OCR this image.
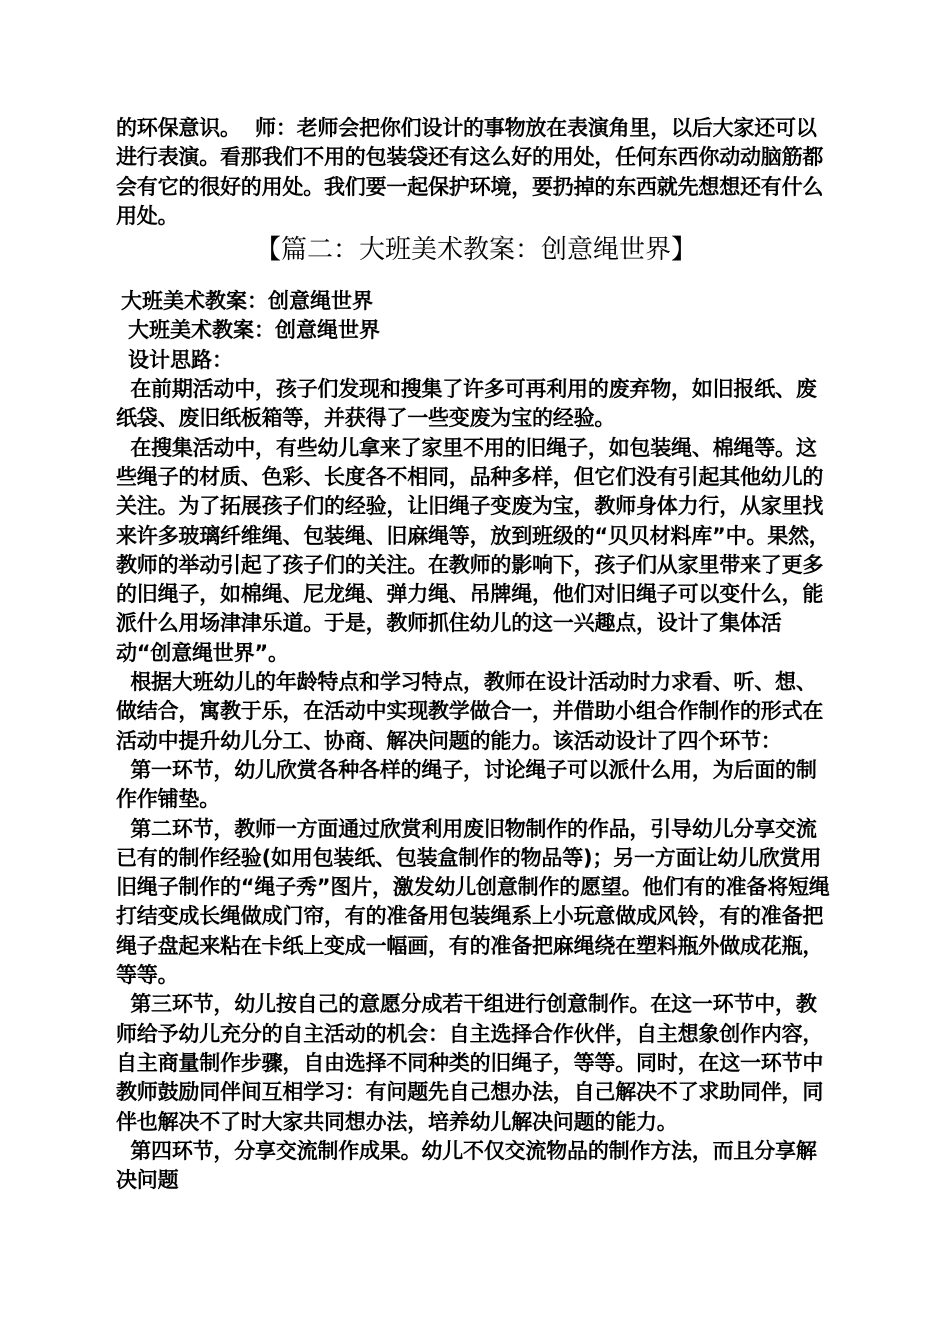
的环保意识。  师：老师会把你们设计的事物放在表演角里，以后大家还可以进行表演。看那我们不用的包装袋还有这么好的用处，任何东西你动动脑筋都会有它的很好的用处。我们要一起保护环境，要扔掉的东西就先想想还有什么用处。

【篇二：大班美术教案：创意绳世界】

大班美术教案：创意绳世界

大班美术教案：创意绳世界

设计思路：

在前期活动中，孩子们发现和搜集了许多可再利用的废弃物，如旧报纸、废纸袋、废旧纸板箱等，并获得了一些变废为宝的经验。

在搜集活动中，有些幼儿拿来了家里不用的旧绳子，如包装绳、棉绳等。这些绳子的材质、色彩、长度各不相同，品种多样，但它们没有引起其他幼儿的关注。为了拓展孩子们的经验，让旧绳子变废为宝，教师身体力行，从家里找来许多玻璃纤维绳、包装绳、旧麻绳等，放到班级的“贝贝材料库”中。果然，教师的举动引起了孩子们的关注。在教师的影响下，孩子们从家里带来了更多的旧绳子，如棉绳、尼龙绳、弹力绳、吊牌绳，他们对旧绳子可以变什么，能派什么用场津津乐道。于是，教师抓住幼儿的这一兴趣点，设计了集体活动“创意绳世界”。

根据大班幼儿的年龄特点和学习特点，教师在设计活动时力求看、听、想、做结合，寓教于乐，在活动中实现教学做合一，并借助小组合作制作的形式在活动中提升幼儿分工、协商、解决问题的能力。该活动设计了四个环节：

第一环节，幼儿欣赏各种各样的绳子，讨论绳子可以派什么用，为后面的制作作铺垫。

第二环节，教师一方面通过欣赏利用废旧物制作的作品，引导幼儿分享交流已有的制作经验(如用包装纸、包装盒制作的物品等)；另一方面让幼儿欣赏用旧绳子制作的“绳子秀”图片，激发幼儿创意制作的愿望。他们有的准备将短绳打结变成长绳做成门帘，有的准备用包装绳系上小玩意做成风铃，有的准备把绳子盘起来粘在卡纸上变成一幅画，有的准备把麻绳绕在塑料瓶外做成花瓶，等等。

第三环节，幼儿按自己的意愿分成若干组进行创意制作。在这一环节中，教师给予幼儿充分的自主活动的机会：自主选择合作伙伴，自主想象创作内容，自主商量制作步骤，自由选择不同种类的旧绳子，等等。同时，在这一环节中教师鼓励同伴间互相学习：有问题先自己想办法，自己解决不了求助同伴，同伴也解决不了时大家共同想办法，培养幼儿解决问题的能力。

第四环节，分享交流制作成果。幼儿不仅交流物品的制作方法，而且分享解决问题
